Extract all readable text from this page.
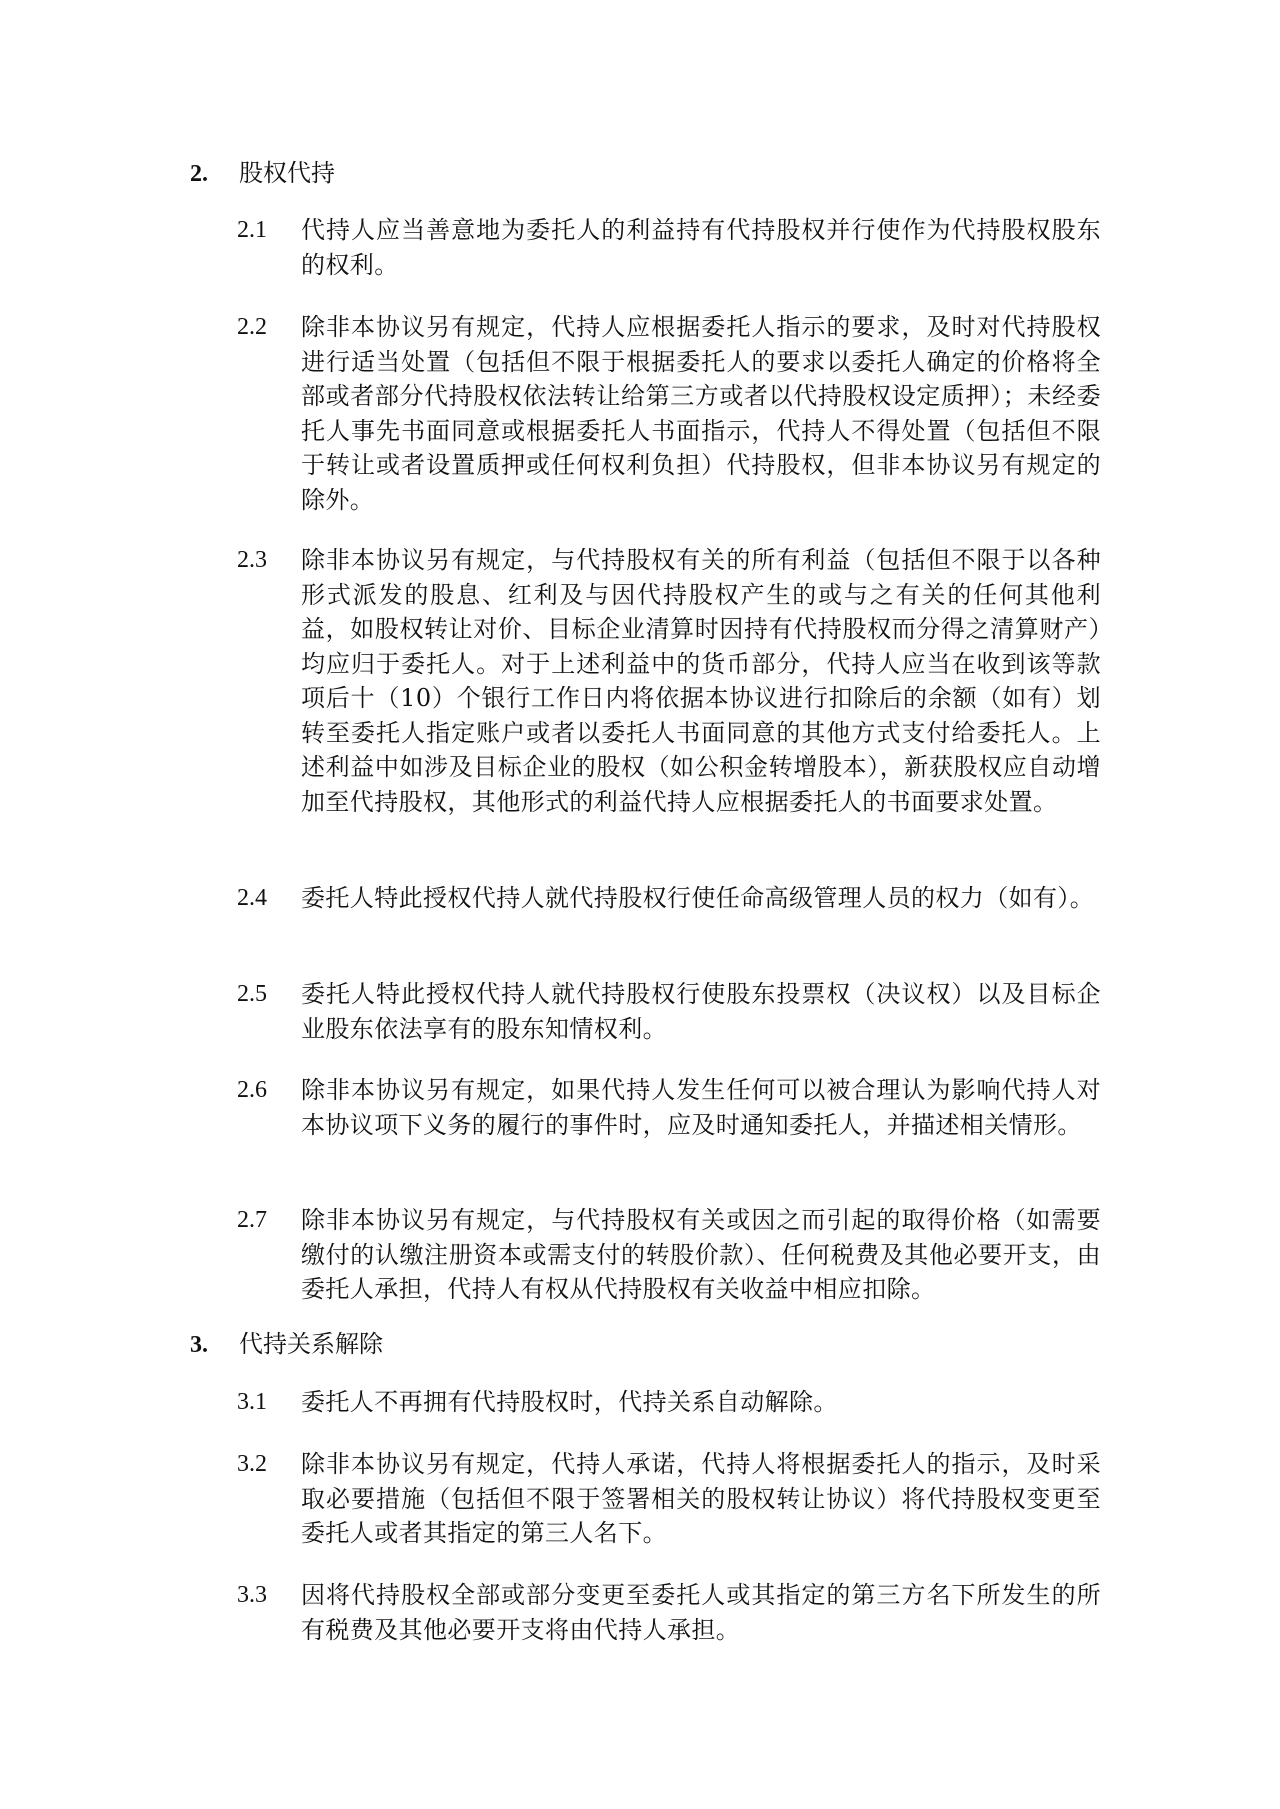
2.	股权代持
2.1	代持人应当善意地为委托人的利益持有代持股权并行使作为代持股权股东的权利。
2.2	除非本协议另有规定，代持人应根据委托人指示的要求，及时对代持股权进行适当处置（包括但不限于根据委托人的要求以委托人确定的价格将全部或者部分代持股权依法转让给第三方或者以代持股权设定质押）；未经委托人事先书面同意或根据委托人书面指示，代持人不得处置（包括但不限于转让或者设置质押或任何权利负担）代持股权，但非本协议另有规定的除外。
2.3	除非本协议另有规定，与代持股权有关的所有利益（包括但不限于以各种形式派发的股息、红利及与因代持股权产生的或与之有关的任何其他利益，如股权转让对价、目标企业清算时因持有代持股权而分得之清算财产）均应归于委托人。对于上述利益中的货币部分，代持人应当在收到该等款项后十（10）个银行工作日内将依据本协议进行扣除后的余额（如有）划转至委托人指定账户或者以委托人书面同意的其他方式支付给委托人。上述利益中如涉及目标企业的股权（如公积金转增股本），新获股权应自动增加至代持股权，其他形式的利益代持人应根据委托人的书面要求处置。
2.4	委托人特此授权代持人就代持股权行使任命高级管理人员的权力（如有）。
2.5	委托人特此授权代持人就代持股权行使股东投票权（决议权）以及目标企业股东依法享有的股东知情权利。
2.6	除非本协议另有规定，如果代持人发生任何可以被合理认为影响代持人对本协议项下义务的履行的事件时，应及时通知委托人，并描述相关情形。
2.7	除非本协议另有规定，与代持股权有关或因之而引起的取得价格（如需要缴付的认缴注册资本或需支付的转股价款）、任何税费及其他必要开支，由委托人承担，代持人有权从代持股权有关收益中相应扣除。
3.	代持关系解除
3.1	委托人不再拥有代持股权时，代持关系自动解除。
3.2	除非本协议另有规定，代持人承诺，代持人将根据委托人的指示，及时采取必要措施（包括但不限于签署相关的股权转让协议）将代持股权变更至委托人或者其指定的第三人名下。
3.3	因将代持股权全部或部分变更至委托人或其指定的第三方名下所发生的所有税费及其他必要开支将由代持人承担。
